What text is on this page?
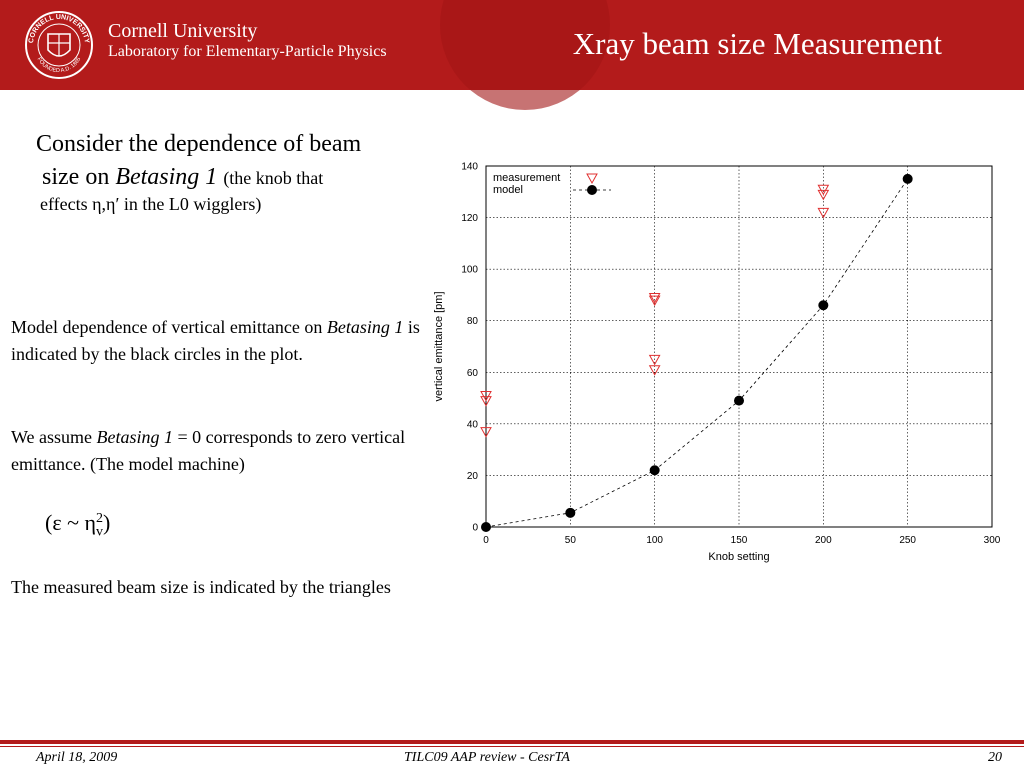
CORNELL UNIVERSITY
FOUNDED A.D. 1865
Cornell University
Laboratory for Elementary-Particle Physics	Xray beam size Measurement
Consider the dependence of beam
size on Betasing 1 (the knob that
effects η,η′ in the L0 wigglers)
Model dependence of vertical emittance on Betasing 1 is indicated by the black circles in the plot.
We assume Betasing 1 = 0 corresponds to zero vertical emittance. (The model machine)
(ε ~ $\eta_v^2$)
The measured beam size is indicated by the triangles
0	50	100	150	200	250	300
0
20
40
60
80
100
120
140
Knob setting
vertical emittance [pm]
measurement
model
April 18, 2009	TILC09 AAP review - CesrTA	20
